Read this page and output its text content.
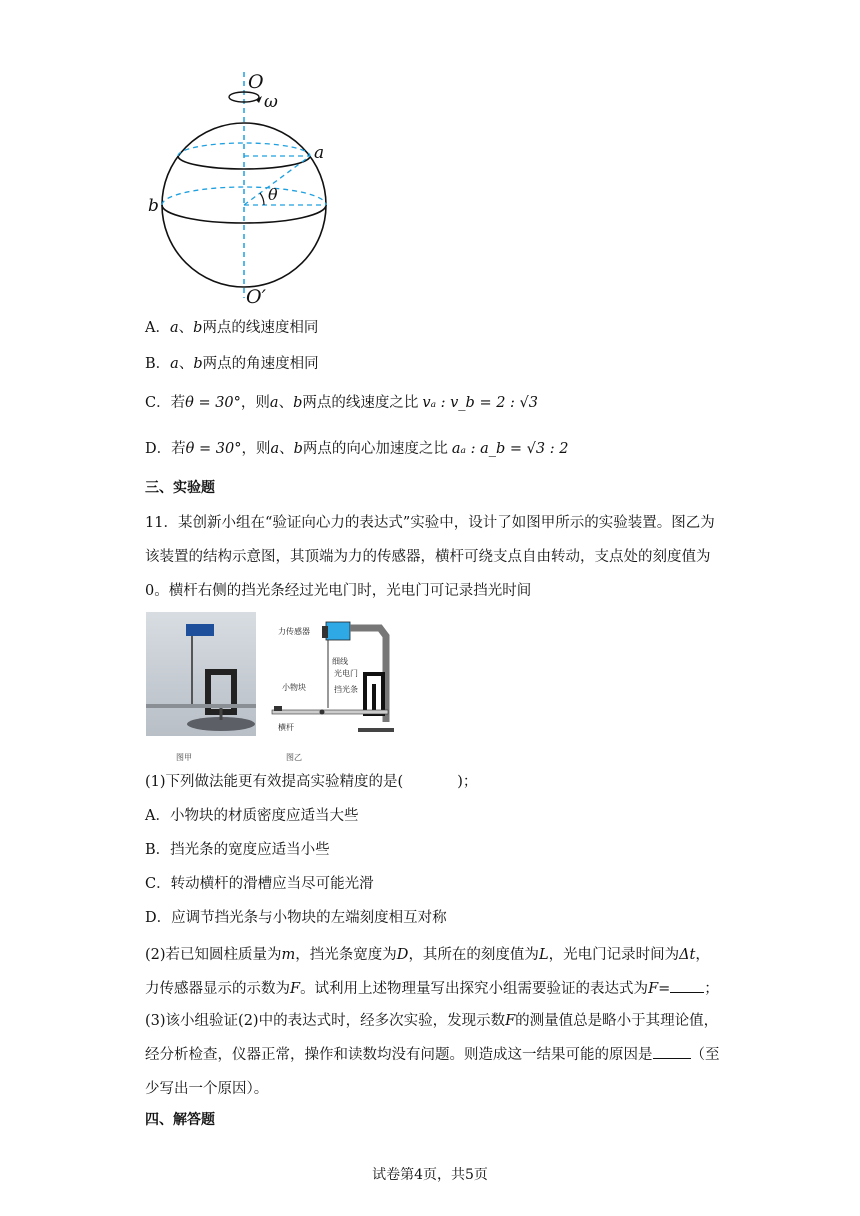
O
ω
a
b
θ
O′
A．a、b两点的线速度相同
B．a、b两点的角速度相同
C．若θ = 30°，则a、b两点的线速度之比 vₐ : v_b = 2 : √3
D．若θ = 30°，则a、b两点的向心加速度之比 aₐ : a_b = √3 : 2
三、实验题

11．某创新小组在“验证向心力的表达式”实验中，设计了如图甲所示的实验装置。图乙为该装置的结构示意图，其顶端为力的传感器，横杆可绕支点自由转动，支点处的刻度值为0。横杆右侧的挡光条经过光电门时，光电门可记录挡光时间

图甲
力传感器
细线
光电门
小物块	挡光条
横杆
图乙
(1)下列做法能更有效提高实验精度的是(	)；
A．小物块的材质密度应适当大些
B．挡光条的宽度应适当小些
C．转动横杆的滑槽应当尽可能光滑
D．应调节挡光条与小物块的左端刻度相互对称

(2)若已知圆柱质量为m，挡光条宽度为D，其所在的刻度值为L，光电门记录时间为Δt，力传感器显示的示数为F。试利用上述物理量写出探究小组需要验证的表达式为F= ；

(3)该小组验证(2)中的表达式时，经多次实验，发现示数F的测量值总是略小于其理论值，经分析检查，仪器正常，操作和读数均没有问题。则造成这一结果可能的原因是	（至少写出一个原因）。

四、解答题
试卷第4页，共5页
